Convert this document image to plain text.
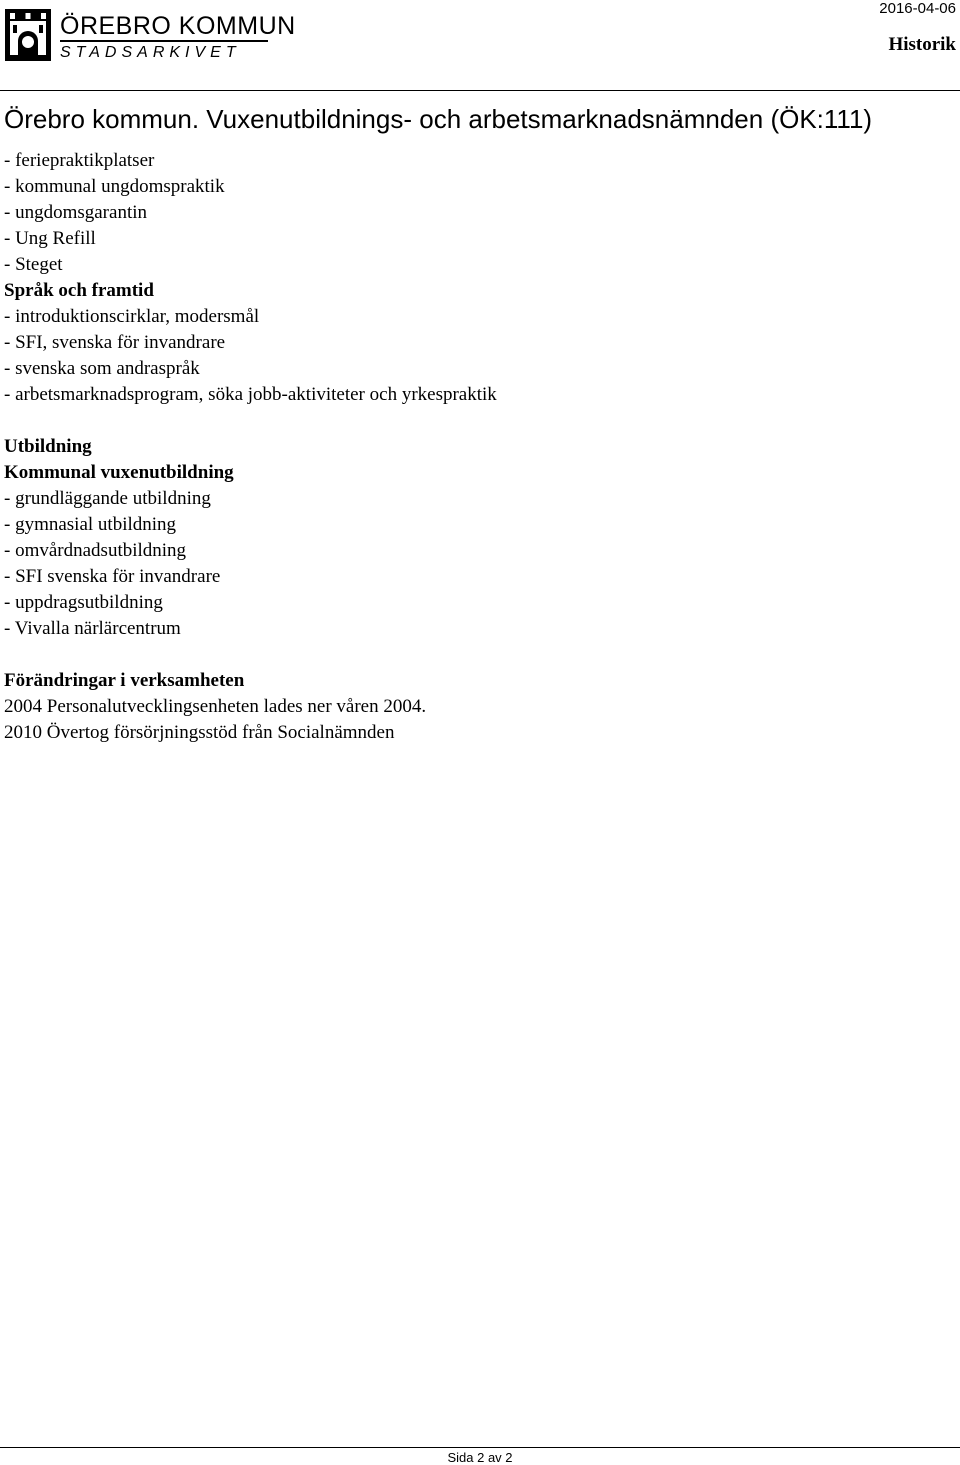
ÖREBRO KOMMUN
STADSARKIVET
2016-04-06
Historik
Örebro kommun. Vuxenutbildnings- och arbetsmarknadsnämnden (ÖK:111)
- feriepraktikplatser
- kommunal ungdomspraktik
- ungdomsgarantin
- Ung Refill
- Steget
Språk och framtid
- introduktionscirklar, modersmål
- SFI, svenska för invandrare
- svenska som andraspråk
- arbetsmarknadsprogram, söka jobb-aktiviteter och yrkespraktik
Utbildning
Kommunal vuxenutbildning
- grundläggande utbildning
- gymnasial utbildning
- omvårdnadsutbildning
- SFI svenska för invandrare
- uppdragsutbildning
- Vivalla närlärcentrum
Förändringar i verksamheten
2004 Personalutvecklingsenheten lades ner våren 2004.
2010 Övertog försörjningsstöd från Socialnämnden
Sida 2 av 2
